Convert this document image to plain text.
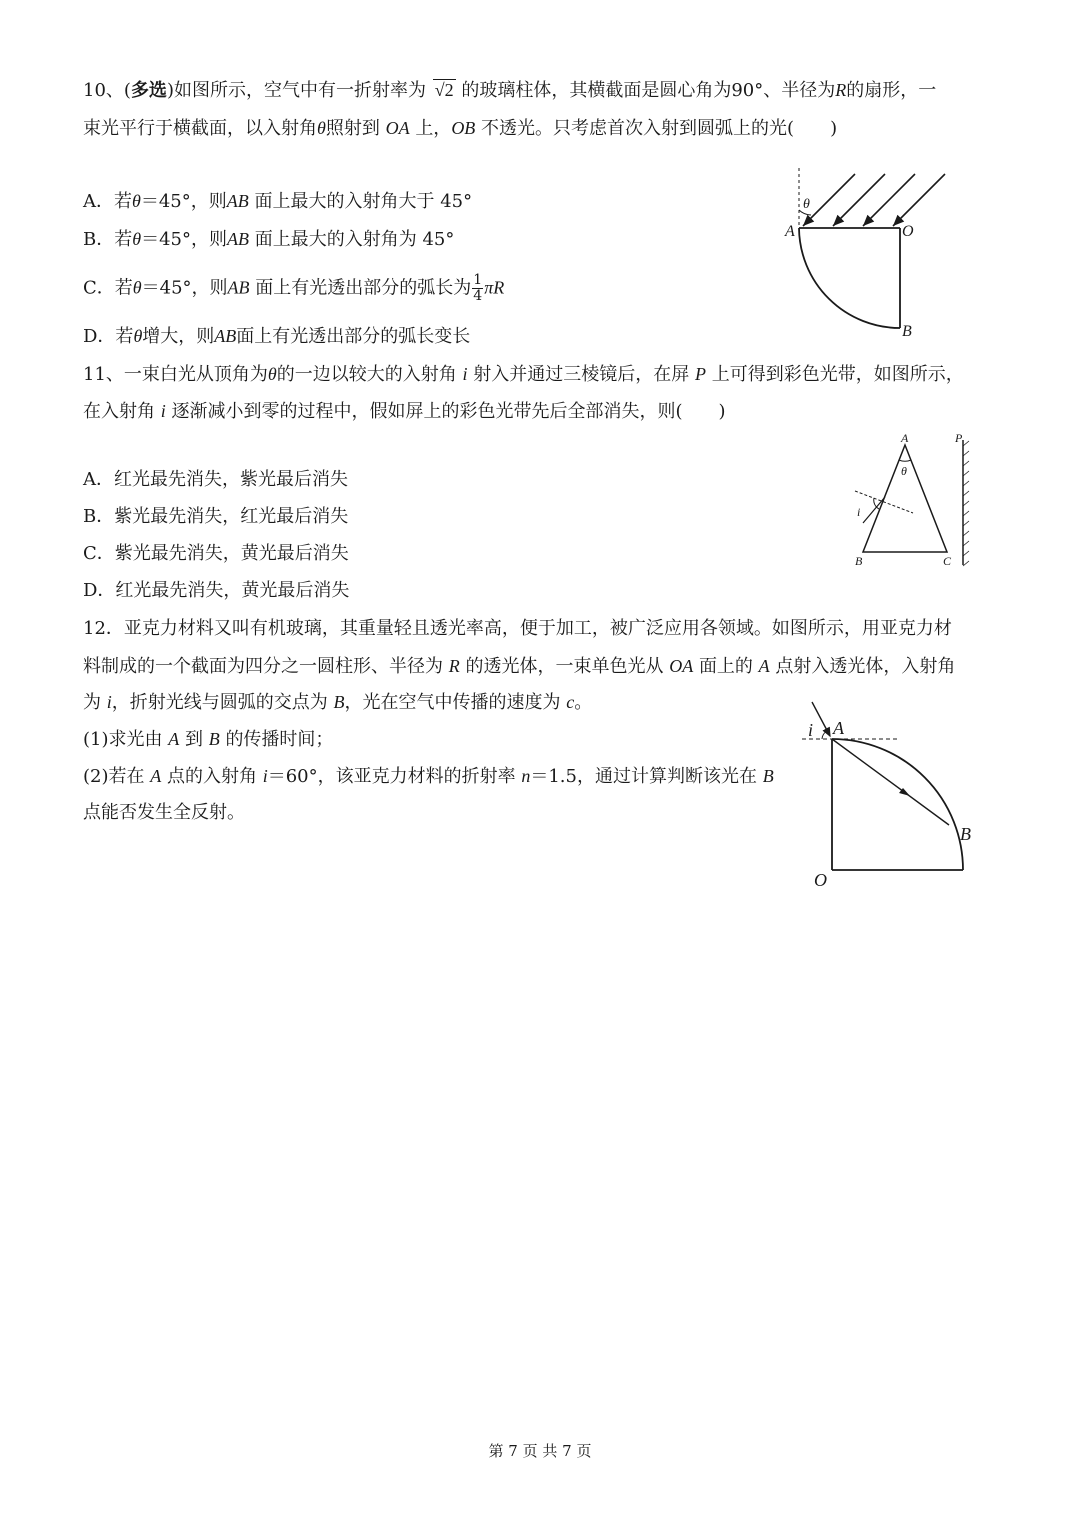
10、(多选)如图所示，空气中有一折射率为 √2 的玻璃柱体，其横截面是圆心角为90°、半径为R的扇形，一
束光平行于横截面，以入射角θ照射到 OA 上，OB 不透光。只考虑首次入射到圆弧上的光(　　)
A．若θ＝45°，则AB 面上最大的入射角大于 45°
B．若θ＝45°，则AB 面上最大的入射角为 45°
C．若θ＝45°，则AB 面上有光透出部分的弧长为 $\frac{1}{4}$ πR
D．若θ增大，则AB面上有光透出部分的弧长变长
θ
A	O
B
11、一束白光从顶角为θ的一边以较大的入射角 i 射入并通过三棱镜后，在屏 P 上可得到彩色光带，如图所示，
在入射角 i 逐渐减小到零的过程中，假如屏上的彩色光带先后全部消失，则(　　)
A．红光最先消失，紫光最后消失
B．紫光最先消失，红光最后消失
C．紫光最先消失，黄光最后消失
D．红光最先消失，黄光最后消失
A
θ
i
B	C
P
12．亚克力材料又叫有机玻璃，其重量轻且透光率高，便于加工，被广泛应用各领域。如图所示，用亚克力材
料制成的一个截面为四分之一圆柱形、半径为 R 的透光体，一束单色光从 OA 面上的 A 点射入透光体，入射角
为 i，折射光线与圆弧的交点为 B，光在空气中传播的速度为 c。
(1)求光由 A 到 B 的传播时间；
(2)若在 A 点的入射角 i＝60°，该亚克力材料的折射率 n＝1.5，通过计算判断该光在 B
点能否发生全反射。
i A
B
O
第 7 页 共 7 页
